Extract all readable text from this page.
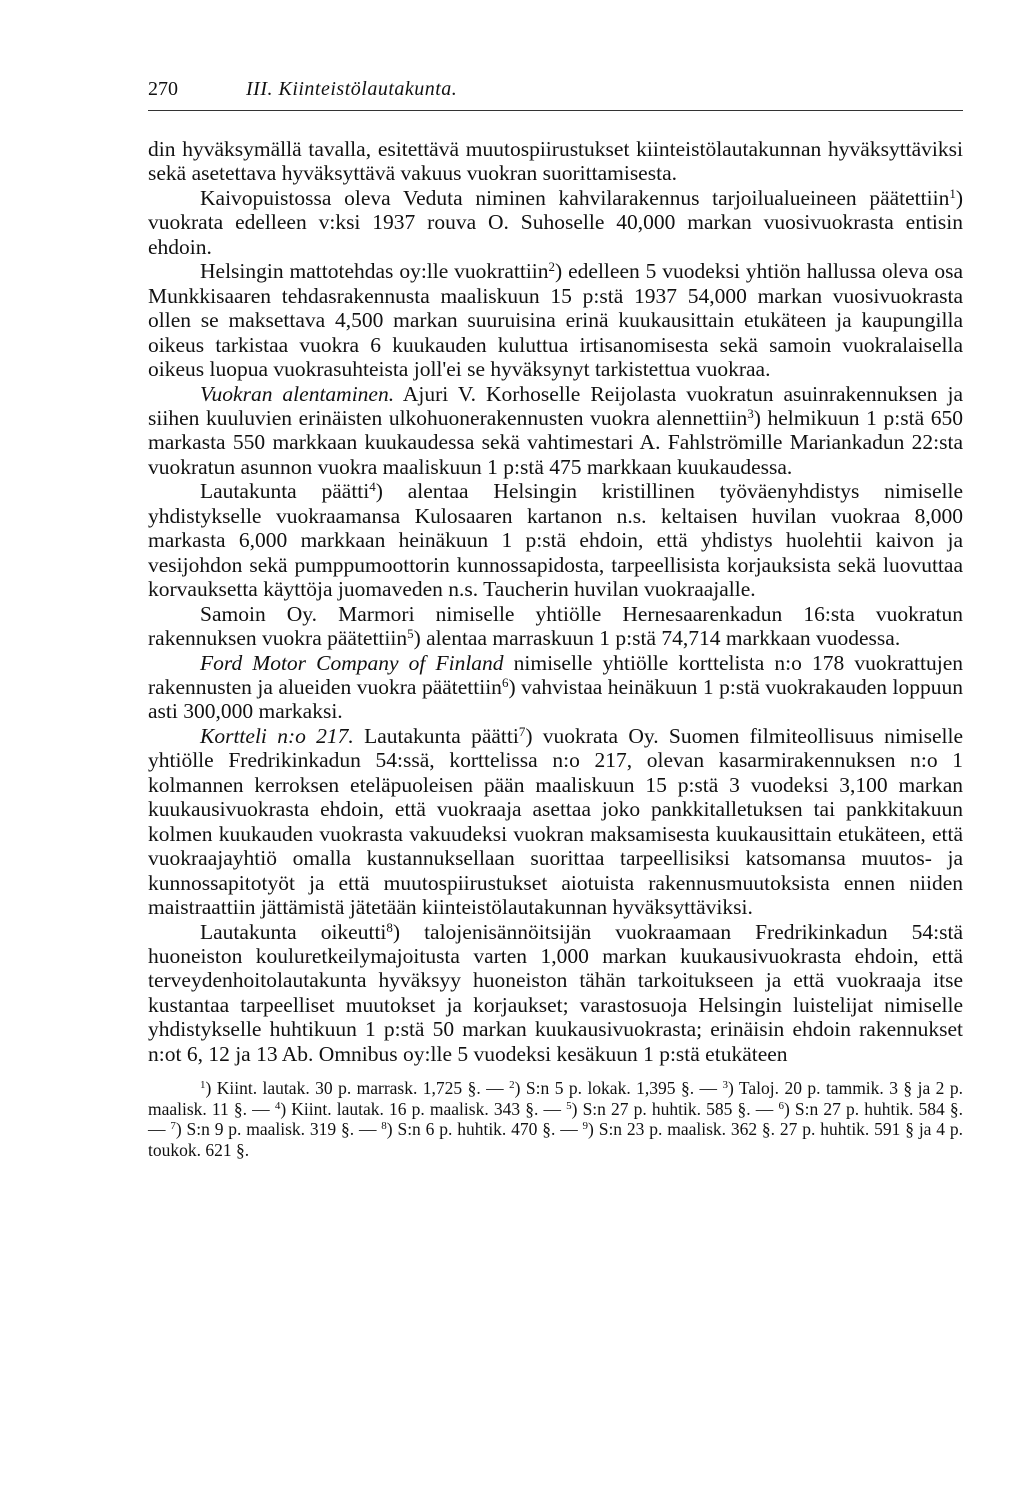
270	III. Kiinteistölautakunta.

din hyväksymällä tavalla, esitettävä muutospiirustukset kiinteistölautakunnan hyväksyttäviksi sekä asetettava hyväksyttävä vakuus vuokran suorittamisesta.

Kaivopuistossa oleva Veduta niminen kahvilarakennus tarjoilualueineen päätettiin$^1$) vuokrata edelleen v:ksi 1937 rouva O. Suhoselle 40,000 markan vuosivuokrasta entisin ehdoin.

Helsingin mattotehdas oy:lle vuokrattiin$^2$) edelleen 5 vuodeksi yhtiön hallussa oleva osa Munkkisaaren tehdasrakennusta maaliskuun 15 p:stä 1937 54,000 markan vuosivuokrasta ollen se maksettava 4,500 markan suuruisina erinä kuukausittain etukäteen ja kaupungilla oikeus tarkistaa vuokra 6 kuukauden kuluttua irtisanomisesta sekä samoin vuokralaisella oikeus luopua vuokrasuhteista joll'ei se hyväksynyt tarkistettua vuokraa.

Vuokran alentaminen. Ajuri V. Korhoselle Reijolasta vuokratun asuinrakennuksen ja siihen kuuluvien erinäisten ulkohuonerakennusten vuokra alennettiin$^3$) helmikuun 1 p:stä 650 markasta 550 markkaan kuukaudessa sekä vahtimestari A. Fahlströmille Mariankadun 22:sta vuokratun asunnon vuokra maaliskuun 1 p:stä 475 markkaan kuukaudessa.

Lautakunta päätti$^4$) alentaa Helsingin kristillinen työväenyhdistys nimiselle yhdistykselle vuokraamansa Kulosaaren kartanon n.s. keltaisen huvilan vuokraa 8,000 markasta 6,000 markkaan heinäkuun 1 p:stä ehdoin, että yhdistys huolehtii kaivon ja vesijohdon sekä pumppumoottorin kunnossapidosta, tarpeellisista korjauksista sekä luovuttaa korvauksetta käyttöja juomaveden n.s. Taucherin huvilan vuokraajalle.

Samoin Oy. Marmori nimiselle yhtiölle Hernesaarenkadun 16:sta vuokratun rakennuksen vuokra päätettiin$^5$) alentaa marraskuun 1 p:stä 74,714 markkaan vuodessa.

Ford Motor Company of Finland nimiselle yhtiölle korttelista n:o 178 vuokrattujen rakennusten ja alueiden vuokra päätettiin$^6$) vahvistaa heinäkuun 1 p:stä vuokrakauden loppuun asti 300,000 markaksi.

Kortteli n:o 217. Lautakunta päätti$^7$) vuokrata Oy. Suomen filmiteollisuus nimiselle yhtiölle Fredrikinkadun 54:ssä, korttelissa n:o 217, olevan kasarmirakennuksen n:o 1 kolmannen kerroksen eteläpuoleisen pään maaliskuun 15 p:stä 3 vuodeksi 3,100 markan kuukausivuokrasta ehdoin, että vuokraaja asettaa joko pankkitalletuksen tai pankkitakuun kolmen kuukauden vuokrasta vakuudeksi vuokran maksamisesta kuukausittain etukäteen, että vuokraajayhtiö omalla kustannuksellaan suorittaa tarpeellisiksi katsomansa muutos- ja kunnossapitotyöt ja että muutospiirustukset aiotuista rakennusmuutoksista ennen niiden maistraattiin jättämistä jätetään kiinteistölautakunnan hyväksyttäviksi.

Lautakunta oikeutti$^8$) talojenisännöitsijän vuokraamaan Fredrikinkadun 54:stä huoneiston kouluretkeilymajoitusta varten 1,000 markan kuukausivuokrasta ehdoin, että terveydenhoitolautakunta hyväksyy huoneiston tähän tarkoitukseen ja että vuokraaja itse kustantaa tarpeelliset muutokset ja korjaukset; varastosuoja Helsingin luistelijat nimiselle yhdistykselle huhtikuun 1 p:stä 50 markan kuukausivuokrasta; erinäisin ehdoin rakennukset n:ot 6, 12 ja 13 Ab. Omnibus oy:lle 5 vuodeksi kesäkuun 1 p:stä etukäteen

$^1$) Kiint. lautak. 30 p. marrask. 1,725 §. — $^2$) S:n 5 p. lokak. 1,395 §. — $^3$) Taloj. 20 p. tammik. 3 § ja 2 p. maalisk. 11 §. — $^4$) Kiint. lautak. 16 p. maalisk. 343 §. — $^5$) S:n 27 p. huhtik. 585 §. — $^6$) S:n 27 p. huhtik. 584 §. — $^7$) S:n 9 p. maalisk. 319 §. — $^8$) S:n 6 p. huhtik. 470 §. — $^9$) S:n 23 p. maalisk. 362 §. 27 p. huhtik. 591 § ja 4 p. toukok. 621 §.
